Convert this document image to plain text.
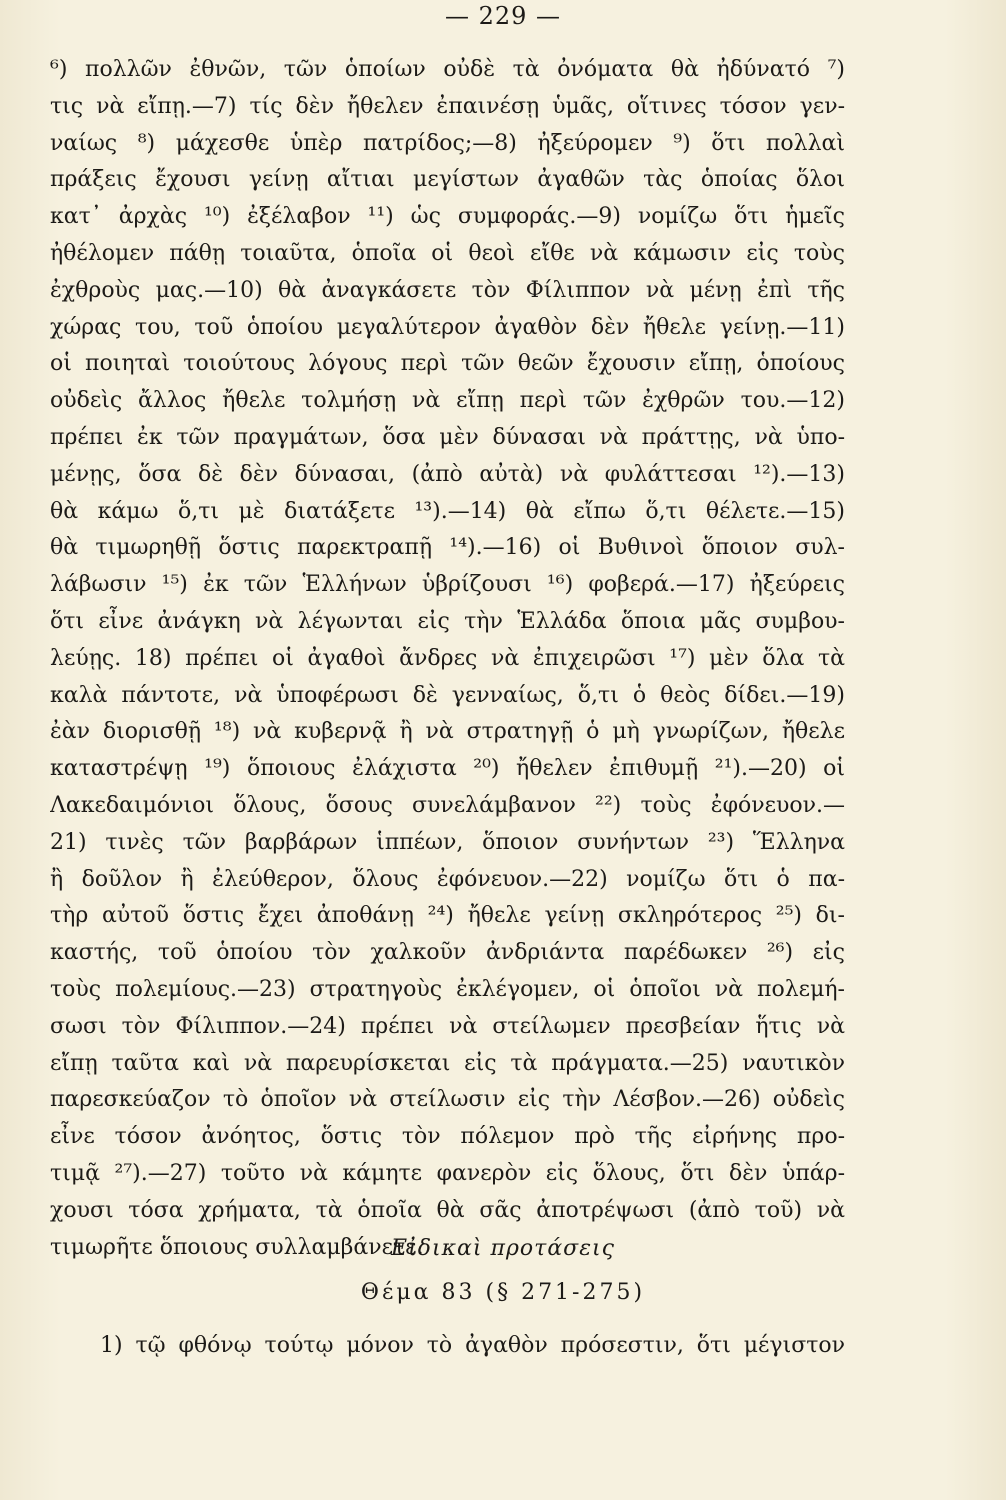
— 229 —
⁶) πολλῶν ἐθνῶν, τῶν ὁποίων οὐδὲ τὰ ὀνόματα θὰ ἠδύνατό ⁷)
τις νὰ εἴπῃ.—7) τίς δὲν ἤθελεν ἐπαινέσῃ ὑμᾶς, οἵτινες τόσον γεν-
ναίως ⁸) μάχεσθε ὑπὲρ πατρίδος;—8) ἠξεύρομεν ⁹) ὅτι πολλαὶ
πράξεις ἔχουσι γείνῃ αἴτιαι μεγίστων ἀγαθῶν τὰς ὁποίας ὅλοι
κατ᾽ ἀρχὰς ¹⁰) ἐξέλαβον ¹¹) ὡς συμφοράς.—9) νομίζω ὅτι ἡμεῖς
ἠθέλομεν πάθῃ τοιαῦτα, ὁποῖα οἱ θεοὶ εἴθε νὰ κάμωσιν εἰς τοὺς
ἐχθροὺς μας.—10) θὰ ἀναγκάσετε τὸν Φίλιππον νὰ μένῃ ἐπὶ τῆς
χώρας του, τοῦ ὁποίου μεγαλύτερον ἀγαθὸν δὲν ἤθελε γείνῃ.—11)
οἱ ποιηταὶ τοιούτους λόγους περὶ τῶν θεῶν ἔχουσιν εἴπῃ, ὁποίους
οὐδεὶς ἄλλος ἤθελε τολμήσῃ νὰ εἴπῃ περὶ τῶν ἐχθρῶν του.—12)
πρέπει ἐκ τῶν πραγμάτων, ὅσα μὲν δύνασαι νὰ πράττῃς, νὰ ὑπο-
μένῃς, ὅσα δὲ δὲν δύνασαι, (ἀπὸ αὐτὰ) νὰ φυλάττεσαι ¹²).—13)
θὰ κάμω ὅ,τι μὲ διατάξετε ¹³).—14) θὰ εἴπω ὅ,τι θέλετε.—15)
θὰ τιμωρηθῇ ὅστις παρεκτραπῇ ¹⁴).—16) οἱ Βυθινοὶ ὅποιον συλ-
λάβωσιν ¹⁵) ἐκ τῶν Ἑλλήνων ὑβρίζουσι ¹⁶) φοβερά.—17) ἠξεύρεις
ὅτι εἶνε ἀνάγκη νὰ λέγωνται εἰς τὴν Ἑλλάδα ὅποια μᾶς συμβου-
λεύῃς. 18) πρέπει οἱ ἀγαθοὶ ἄνδρες νὰ ἐπιχειρῶσι ¹⁷) μὲν ὅλα τὰ
καλὰ πάντοτε, νὰ ὑποφέρωσι δὲ γενναίως, ὅ,τι ὁ θεὸς δίδει.—19)
ἐὰν διορισθῇ ¹⁸) νὰ κυβερνᾷ ἢ νὰ στρατηγῇ ὁ μὴ γνωρίζων, ἤθελε
καταστρέψῃ ¹⁹) ὅποιους ἐλάχιστα ²⁰) ἤθελεν ἐπιθυμῇ ²¹).—20) οἱ
Λακεδαιμόνιοι ὅλους, ὅσους συνελάμβανον ²²) τοὺς ἐφόνευον.—
21) τινὲς τῶν βαρβάρων ἱππέων, ὅποιον συνήντων ²³) Ἕλληνα
ἢ δοῦλον ἢ ἐλεύθερον, ὅλους ἐφόνευον.—22) νομίζω ὅτι ὁ πα-
τὴρ αὐτοῦ ὅστις ἔχει ἀποθάνῃ ²⁴) ἤθελε γείνῃ σκληρότερος ²⁵) δι-
καστής, τοῦ ὁποίου τὸν χαλκοῦν ἀνδριάντα παρέδωκεν ²⁶) εἰς
τοὺς πολεμίους.—23) στρατηγοὺς ἐκλέγομεν, οἱ ὁποῖοι νὰ πολεμή-
σωσι τὸν Φίλιππον.—24) πρέπει νὰ στείλωμεν πρεσβείαν ἥτις νὰ
εἴπῃ ταῦτα καὶ νὰ παρευρίσκεται εἰς τὰ πράγματα.—25) ναυτικὸν
παρεσκεύαζον τὸ ὁποῖον νὰ στείλωσιν εἰς τὴν Λέσβον.—26) οὐδεὶς
εἶνε τόσον ἀνόητος, ὅστις τὸν πόλεμον πρὸ τῆς εἰρήνης προ-
τιμᾷ ²⁷).—27) τοῦτο νὰ κάμητε φανερὸν εἰς ὅλους, ὅτι δὲν ὑπάρ-
χουσι τόσα χρήματα, τὰ ὁποῖα θὰ σᾶς ἀποτρέψωσι (ἀπὸ τοῦ) νὰ
τιμωρῆτε ὅποιους συλλαμβάνετε.
Εἰδικαὶ προτάσεις
Θέμα 83 (§ 271-275)
1) τῷ φθόνῳ τούτῳ μόνον τὸ ἀγαθὸν πρόσεστιν, ὅτι μέγιστον
